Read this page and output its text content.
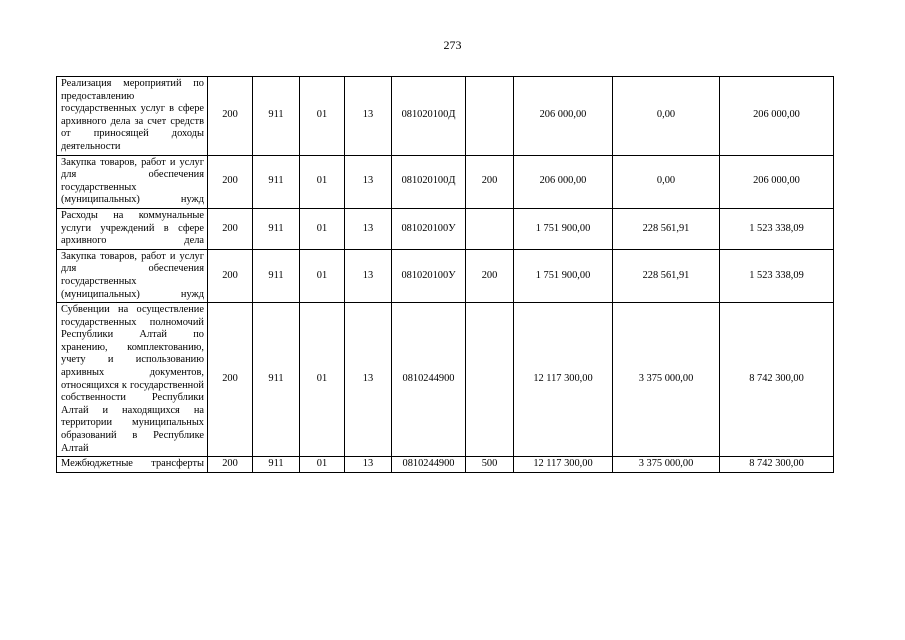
273
Реализация мероприятий по предоставлению государственных услуг в сфере архивного дела за счет средств от приносящей доходы деятельности	200	911	01	13	081020100Д		206 000,00	0,00	206 000,00
Закупка товаров, работ и услуг для обеспечения государственных (муниципальных) нужд	200	911	01	13	081020100Д	200	206 000,00	0,00	206 000,00
Расходы на коммунальные услуги учреждений в сфере архивного дела	200	911	01	13	081020100У		1 751 900,00	228 561,91	1 523 338,09
Закупка товаров, работ и услуг для обеспечения государственных (муниципальных) нужд	200	911	01	13	081020100У	200	1 751 900,00	228 561,91	1 523 338,09
Субвенции на осуществление государственных полномочий Республики Алтай по хранению, комплектованию, учету и использованию архивных документов, относящихся к государственной собственности Республики Алтай и находящихся на территории муниципальных образований в Республике Алтай	200	911	01	13	0810244900		12 117 300,00	3 375 000,00	8 742 300,00
Межбюджетные трансферты	200	911	01	13	0810244900	500	12 117 300,00	3 375 000,00	8 742 300,00
